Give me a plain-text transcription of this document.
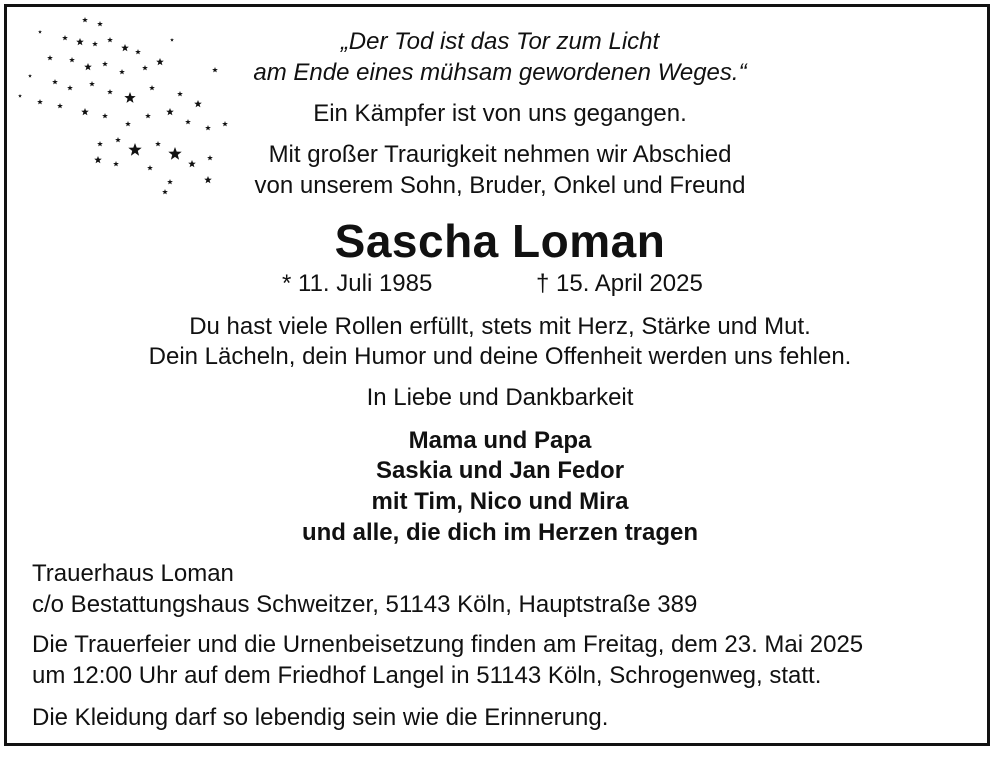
„Der Tod ist das Tor zum Licht
am Ende eines mühsam gewordenen Weges.“
Ein Kämpfer ist von uns gegangen.
Mit großer Traurigkeit nehmen wir Abschied
von unserem Sohn, Bruder, Onkel und Freund
Sascha Loman
* 11. Juli 1985	† 15. April 2025
Du hast viele Rollen erfüllt, stets mit Herz, Stärke und Mut.
Dein Lächeln, dein Humor und deine Offenheit werden uns fehlen.
In Liebe und Dankbarkeit
Mama und Papa
Saskia und Jan Fedor
mit Tim, Nico und Mira
und alle, die dich im Herzen tragen
Trauerhaus Loman
c/o Bestattungshaus Schweitzer, 51143 Köln, Hauptstraße 389
Die Trauerfeier und die Urnenbeisetzung finden am Freitag, dem 23. Mai 2025
um 12:00 Uhr auf dem Friedhof Langel in 51143 Köln, Schrogenweg, statt.
Die Kleidung darf so lebendig sein wie die Erinnerung.
